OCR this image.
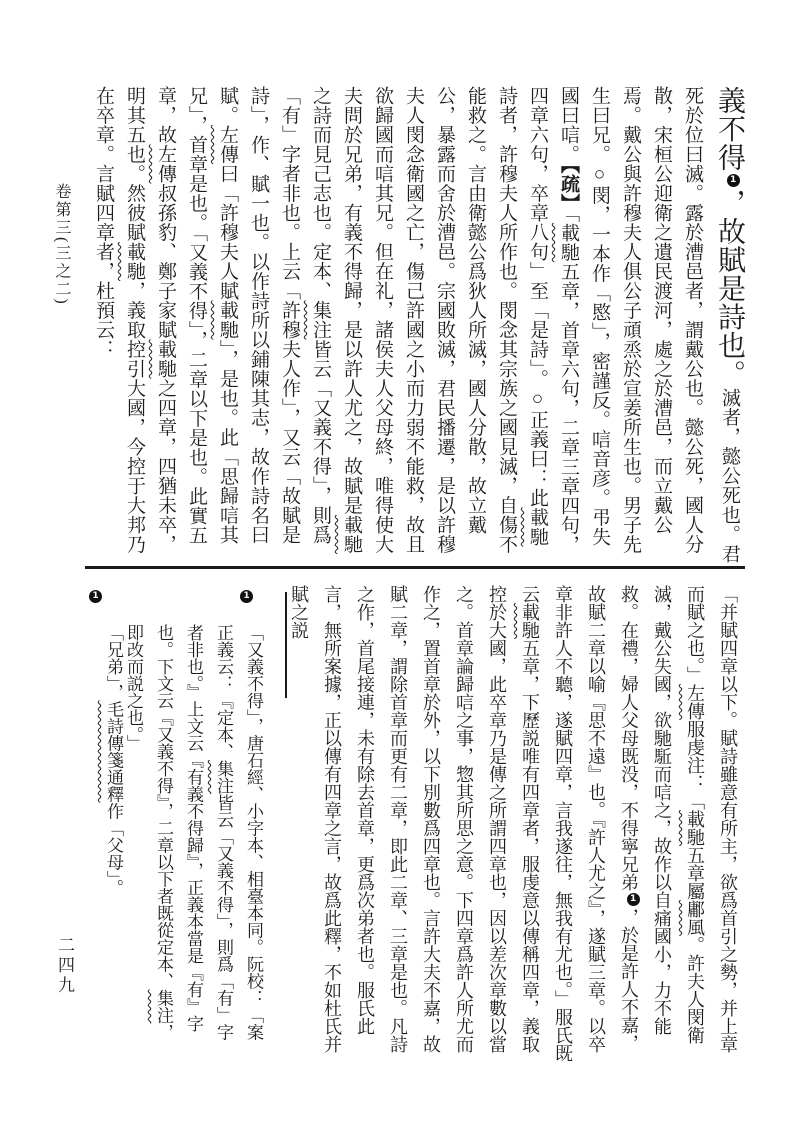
卷第三(三之二)
義不得1，故賦是詩也。滅者，懿公死也。君死於位曰滅。露於漕邑者，謂戴公也。懿公死，國人分散，宋桓公迎衛之遺民渡河，處之於漕邑，而立戴公焉。戴公與許穆夫人俱公子頑烝於宣姜所生也。男子先生曰兄。○閔，一本作「愍」，密謹反。唁音彦。弔失國曰唁。【疏】「載馳五章，首章六句，二章三章四句，四章六句，卒章八句」至「是詩」。○正義曰：此載馳詩者，許穆夫人所作也。閔念其宗族之國見滅，自傷不能救之。言由衛懿公爲狄人所滅，國人分散，故立戴公，暴露而舍於漕邑。宗國敗滅，君民播遷，是以許穆夫人閔念衛國之亡，傷己許國之小而力弱不能救，故且欲歸國而唁其兄。但在礼，諸侯夫人父母終，唯得使大夫問於兄弟，有義不得歸，是以許人尤之，故賦是載馳之詩而見己志也。定本、集注皆云「又義不得」，則爲「有」字者非也。上云「許穆夫人作」，又云「故賦是詩」，作、賦一也。以作詩所以鋪陳其志，故作詩名曰賦。左傳曰「許穆夫人賦載馳」，是也。此「思歸唁其兄」，首章是也。「又義不得」，二章以下是也。此實五章，故左傳叔孫豹、鄭子家賦載馳之四章，四猶未卒，明其五也。然彼賦載馳，義取控引大國，今控于大邦乃在卒章。言賦四章者，杜預云：
「并賦四章以下。賦詩雖意有所主，欲爲首引之勢，并上章而賦之也。」左傳服虔注：「載馳五章屬鄘風。許夫人閔衛滅，戴公失國，欲馳駈而唁之，故作以自痛國小，力不能救。在禮，婦人父母既没，不得寧兄弟1，於是許人不嘉，故賦二章以喻『思不遠』也。『許人尤之』，遂賦三章。以卒章非許人不聽，遂賦四章，言我遂往，無我有尤也。」服氏既云載馳五章，下歷説唯有四章者，服虔意以傳稱四章，義取控於大國，此卒章乃是傳之所謂四章也，因以差次章數以當之。首章論歸唁之事，惣其所思之意。下四章爲許人所尤而作之，置首章於外，以下別數爲四章也。言許大夫不嘉，故賦二章，謂除首章而更有二章，即此二章、三章是也。凡詩之作，首尾接連，未有除去首章，更爲次弟者也。服氏此言，無所案據，正以傳有四章之言，故爲此釋，不如杜氏并賦之説
1
「又義不得」，唐石經、小字本、相臺本同。阮校：「案正義云：『定本、集注皆云「又義不得」，則爲「有」字者非也。』上文云『有義不得歸』，正義本當是『有』字也。下文云『又義不得』，二章以下者既從定本、集注，即改而説之也。」
1
「兄弟」，毛詩傳箋通釋作「父母」。
二四九
